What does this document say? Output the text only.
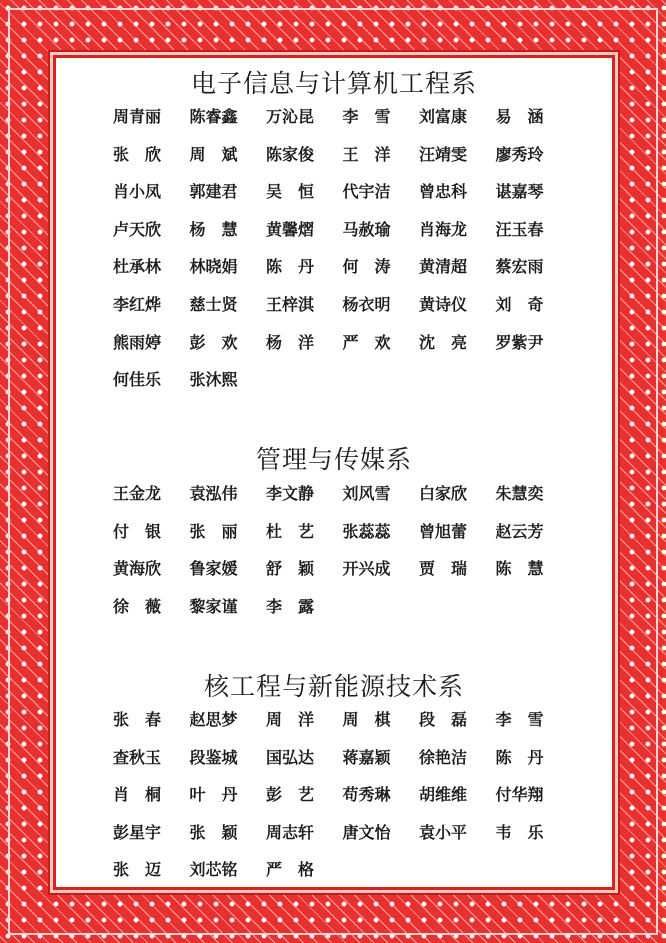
电子信息与计算机工程系
周青丽	陈睿鑫	万沁昆	李　雪	刘富康	易　涵
张　欣	周　斌	陈家俊	王　洋	汪靖雯	廖秀玲
肖小凤	郭建君	吴　恒	代宇洁	曾忠科	谌嘉琴
卢天欣	杨　慧	黄馨熠	马赦瑜	肖海龙	汪玉春
杜承林	林晓娟	陈　丹	何　涛	黄清超	蔡宏雨
李红烨	慈士贤	王梓淇	杨衣明	黄诗仪	刘　奇
熊雨婷	彭　欢	杨　洋	严　欢	沈　亮	罗紫尹
何佳乐	张沐熙
管理与传媒系
王金龙	袁泓伟	李文静	刘风雪	白家欣	朱慧奕
付　银	张　丽	杜　艺	张蕊蕊	曾旭蕾	赵云芳
黄海欣	鲁家媛	舒　颖	开兴成	贾　瑞	陈　慧
徐　薇	黎家谨	李　露
核工程与新能源技术系
张　春	赵思梦	周　洋	周　棋	段　磊	李　雪
查秋玉	段鉴城	国弘达	蒋嘉颖	徐艳洁	陈　丹
肖　桐	叶　丹	彭　艺	苟秀琳	胡维维	付华翔
彭星宇	张　颖	周志轩	唐文怡	袁小平	韦　乐
张　迈	刘芯铭	严　格
